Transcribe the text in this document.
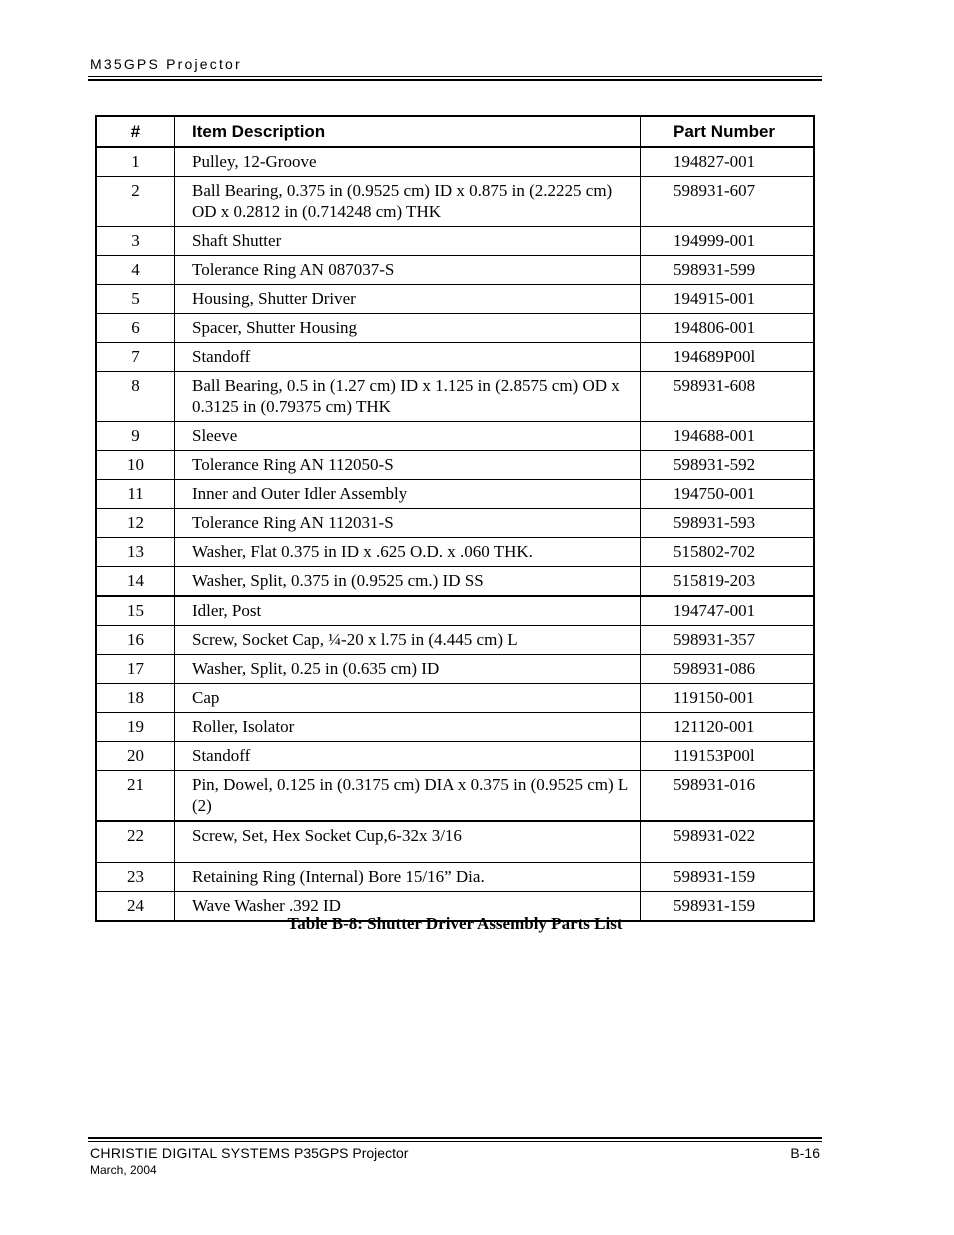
M35GPS Projector
#	Item Description	Part Number
1	Pulley, 12-Groove	194827-001
2	Ball Bearing, 0.375 in (0.9525 cm) ID x 0.875 in (2.2225 cm) OD x 0.2812 in (0.714248 cm) THK	598931-607
3	Shaft Shutter	194999-001
4	Tolerance Ring AN 087037-S	598931-599
5	Housing, Shutter Driver	194915-001
6	Spacer, Shutter Housing	194806-001
7	Standoff	194689P00l
8	Ball Bearing, 0.5 in (1.27 cm) ID x 1.125 in (2.8575 cm) OD x 0.3125 in (0.79375 cm) THK	598931-608
9	Sleeve	194688-001
10	Tolerance Ring AN 112050-S	598931-592
11	Inner and Outer Idler Assembly	194750-001
12	Tolerance Ring AN 112031-S	598931-593
13	Washer, Flat 0.375 in ID x .625 O.D. x .060 THK.	515802-702
14	Washer, Split, 0.375 in (0.9525 cm.) ID SS	515819-203
15	Idler, Post	194747-001
16	Screw, Socket Cap, ¼-20 x l.75 in (4.445 cm) L	598931-357
17	Washer, Split, 0.25 in (0.635 cm) ID	598931-086
18	Cap	119150-001
19	Roller, Isolator	121120-001
20	Standoff	119153P00l
21	Pin, Dowel, 0.125 in (0.3175 cm) DIA x 0.375 in (0.9525 cm) L (2)	598931-016
22	Screw, Set, Hex Socket Cup,6-32x 3/16	598931-022
23	Retaining Ring (Internal) Bore 15/16” Dia.	598931-159
24	Wave Washer .392 ID	598931-159
Table B-8: Shutter Driver Assembly Parts List
CHRISTIE DIGITAL SYSTEMS P35GPS Projector
March, 2004
B-16
